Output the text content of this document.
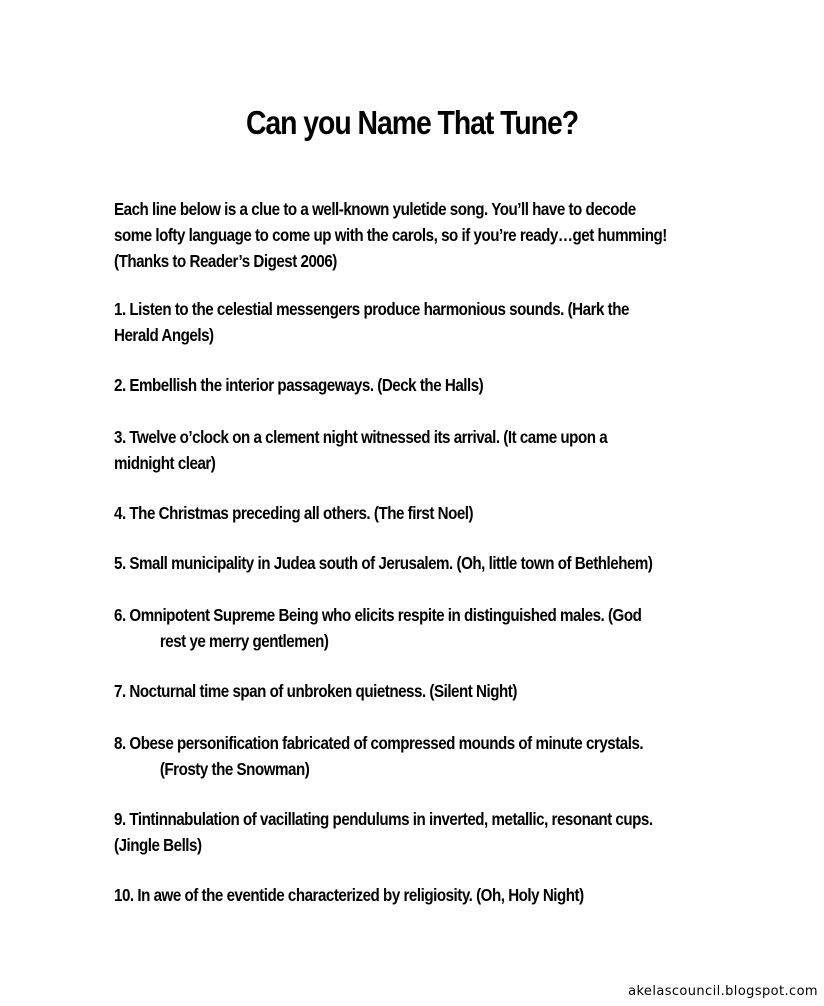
Can you Name That Tune?
Each line below is a clue to a well-known yuletide song. You’ll have to decode
some lofty language to come up with the carols, so if you’re ready…get humming!
(Thanks to Reader’s Digest 2006)
1. Listen to the celestial messengers produce harmonious sounds. (Hark the
Herald Angels)
2. Embellish the interior passageways. (Deck the Halls)
3. Twelve o’clock on a clement night witnessed its arrival. (It came upon a
midnight clear)
4. The Christmas preceding all others. (The first Noel)
5. Small municipality in Judea south of Jerusalem. (Oh, little town of Bethlehem)
6. Omnipotent Supreme Being who elicits respite in distinguished males. (God
rest ye merry gentlemen)
7. Nocturnal time span of unbroken quietness. (Silent Night)
8. Obese personification fabricated of compressed mounds of minute crystals.
(Frosty the Snowman)
9. Tintinnabulation of vacillating pendulums in inverted, metallic, resonant cups.
(Jingle Bells)
10. In awe of the eventide characterized by religiosity. (Oh, Holy Night)
akelascouncil.blogspot.com
